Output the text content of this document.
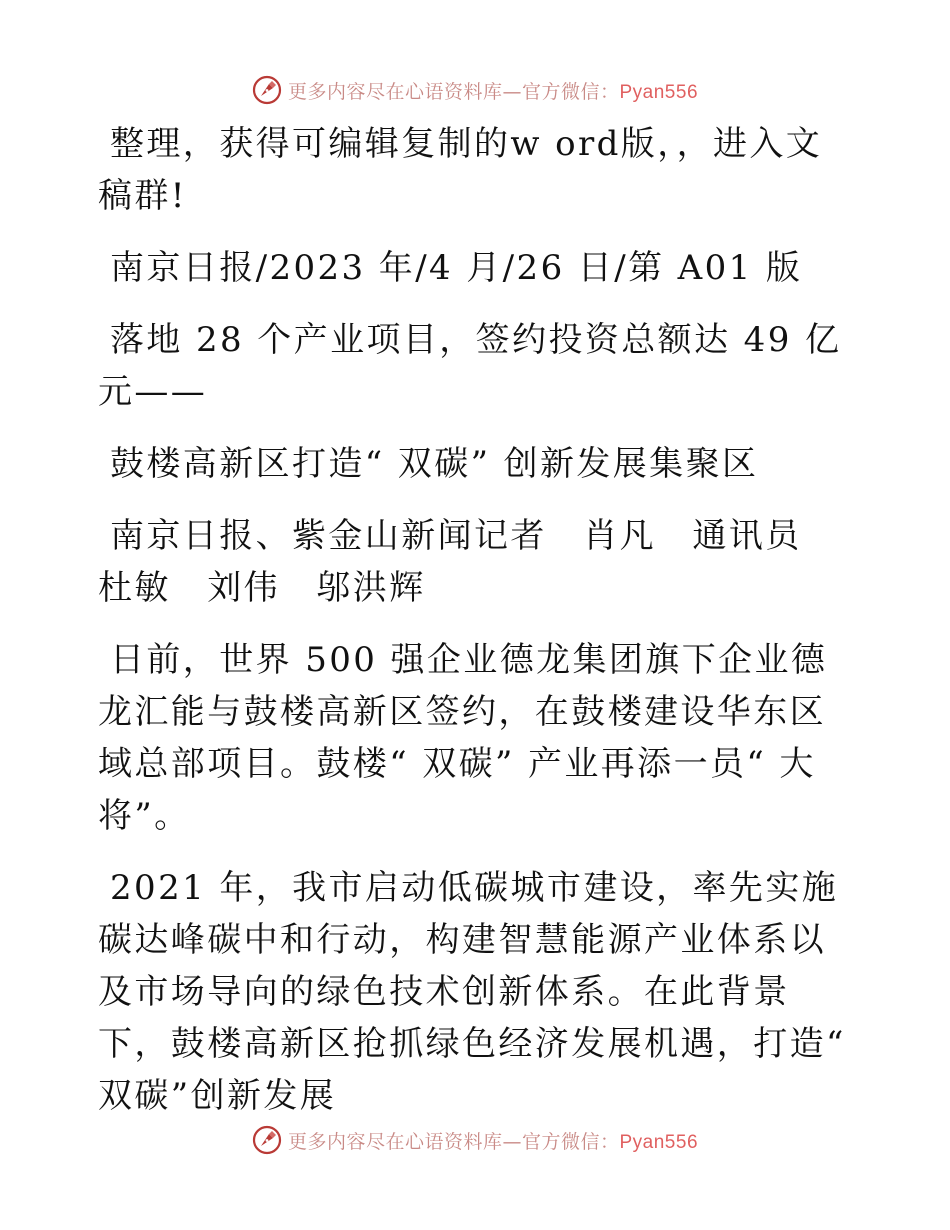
更多内容尽在心语资料库—官方微信：Pyan556

整理，获得可编辑复制的w ord版，，进入文稿群!

南京日报/2023 年/4 月/26 日/第 A01 版

落地 28 个产业项目，签约投资总额达 49 亿元——

鼓楼高新区打造“ 双碳” 创新发展集聚区

南京日报、紫金山新闻记者　肖凡　通讯员　杜敏　刘伟　邬洪辉

日前，世界 500 强企业德龙集团旗下企业德龙汇能与鼓楼高新区签约，在鼓楼建设华东区域总部项目。鼓楼“ 双碳” 产业再添一员“ 大将”。

2021 年，我市启动低碳城市建设，率先实施碳达峰碳中和行动，构建智慧能源产业体系以及市场导向的绿色技术创新体系。在此背景下，鼓楼高新区抢抓绿色经济发展机遇，打造“ 双碳”创新发展

更多内容尽在心语资料库—官方微信：Pyan556
